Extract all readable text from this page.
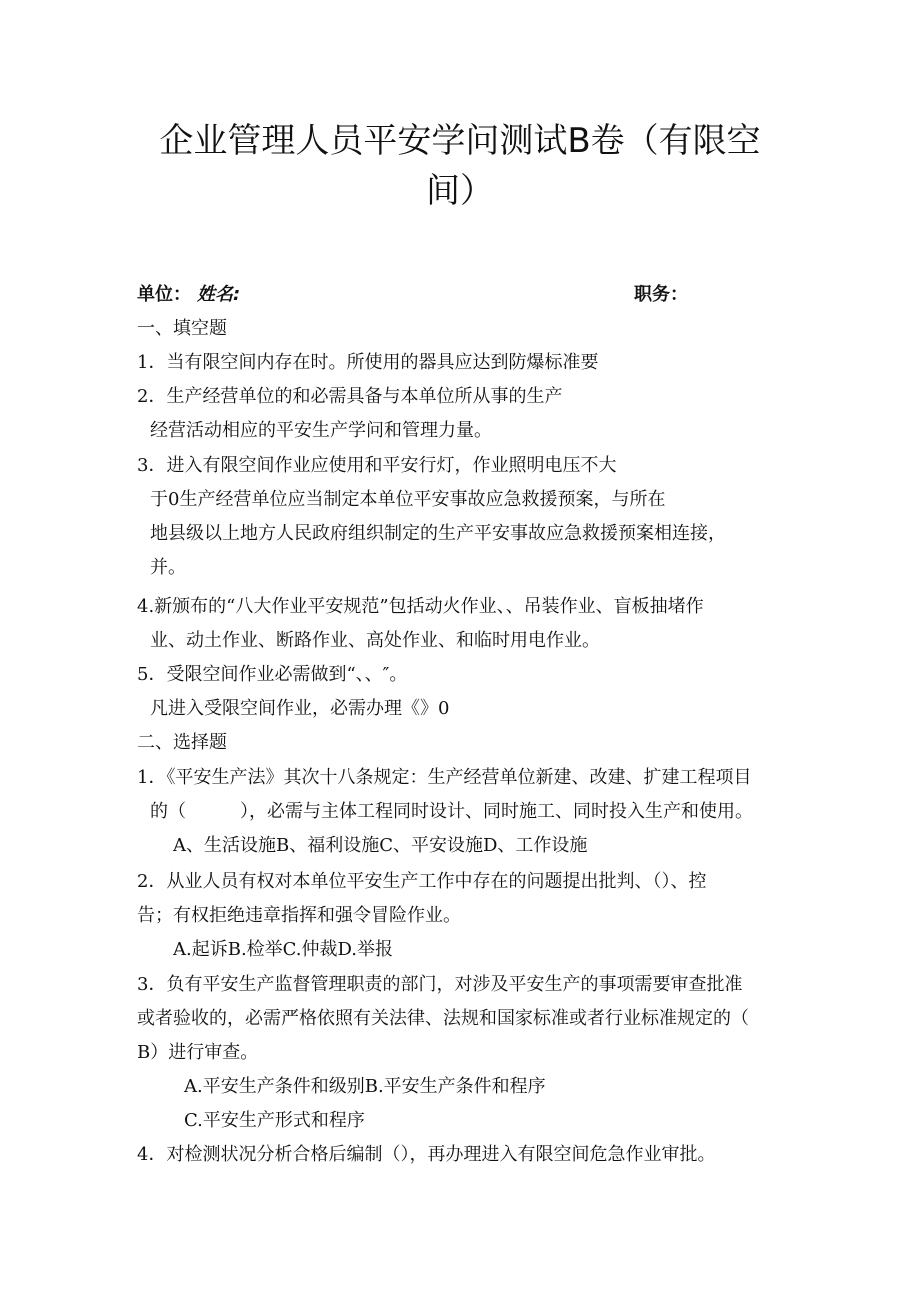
企业管理人员平安学问测试B卷（有限空
间）
单位： 姓名:	职务：
一、填空题
1．当有限空间内存在时。所使用的器具应达到防爆标准要
2．生产经营单位的和必需具备与本单位所从事的生产
经营活动相应的平安生产学问和管理力量。
3．进入有限空间作业应使用和平安行灯，作业照明电压不大
于0生产经营单位应当制定本单位平安事故应急救援预案，与所在
地县级以上地方人民政府组织制定的生产平安事故应急救援预案相连接，
并。
4.新颁布的“八大作业平安规范”包括动火作业、、吊装作业、盲板抽堵作
业、动土作业、断路作业、高处作业、和临时用电作业。
5．受限空间作业必需做到“、、″。
凡进入受限空间作业，必需办理《》0
二、选择题
1．《平安生产法》其次十八条规定：生产经营单位新建、改建、扩建工程项目
的（　　　），必需与主体工程同时设计、同时施工、同时投入生产和使用。
A、生活设施B、福利设施C、平安设施D、工作设施
2．从业人员有权对本单位平安生产工作中存在的问题提出批判、（）、控
告；有权拒绝违章指挥和强令冒险作业。
A.起诉B.检举C.仲裁D.举报
3．负有平安生产监督管理职责的部门，对涉及平安生产的事项需要审查批准
或者验收的，必需严格依照有关法律、法规和国家标准或者行业标准规定的（
B）进行审查。
A.平安生产条件和级别B.平安生产条件和程序
C.平安生产形式和程序
4．对检测状况分析合格后编制（），再办理进入有限空间危急作业审批。
